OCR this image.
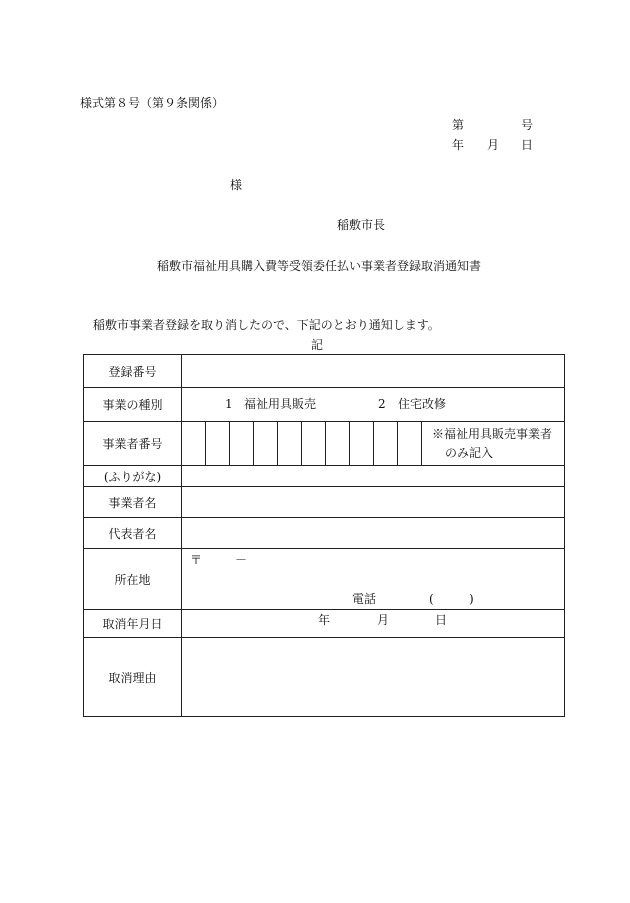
様式第８号（第９条関係）
第	号
年 月 日
様
稲敷市長
稲敷市福祉用具購入費等受領委任払い事業者登録取消通知書
稲敷市事業者登録を取り消したので、下記のとおり通知します。
記
登録番号	
事業の種別	1 福祉用具販売 2 住宅改修

事業者番号	※福祉用具販売事業者
のみ記入

(ふりがな)	
事業者名	
代表者名	
所在地	〒 －
電話 ( )

取消年月日	年 月 日

取消理由	
